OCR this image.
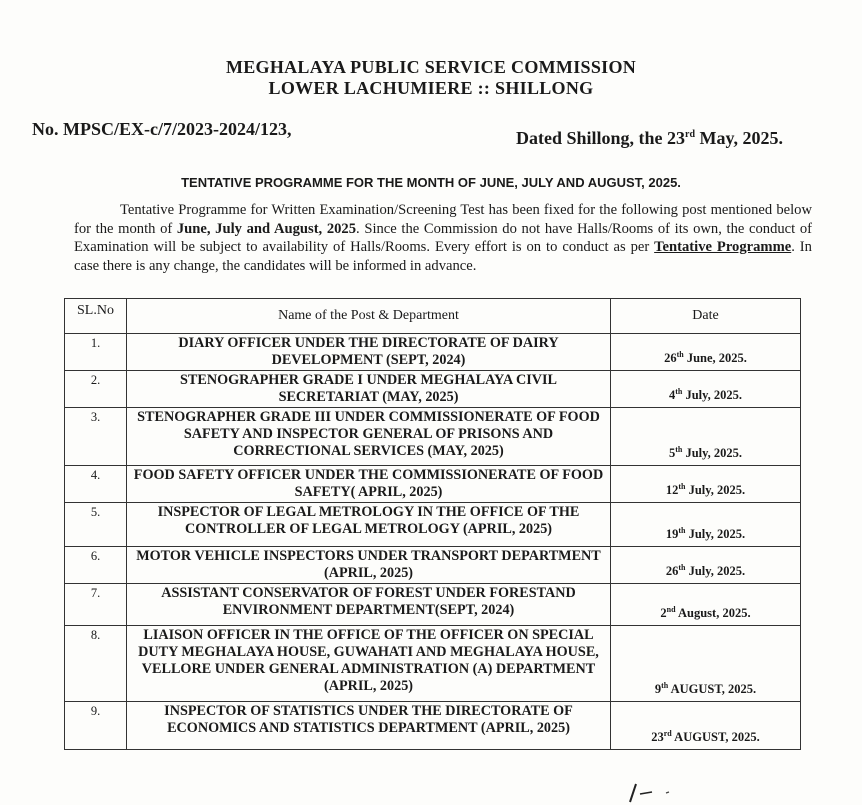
MEGHALAYA PUBLIC SERVICE COMMISSION
LOWER LACHUMIERE :: SHILLONG
No. MPSC/EX-c/7/2023-2024/123,	Dated Shillong, the 23rd May, 2025.
TENTATIVE PROGRAMME FOR THE MONTH OF JUNE, JULY AND AUGUST, 2025.
Tentative Programme for Written Examination/Screening Test has been fixed for the following post mentioned below for the month of June, July and August, 2025. Since the Commission do not have Halls/Rooms of its own, the conduct of Examination will be subject to availability of Halls/Rooms. Every effort is on to conduct as per Tentative Programme. In case there is any change, the candidates will be informed in advance.
SL.No	Name of the Post & Department	Date
1.	DIARY OFFICER UNDER THE DIRECTORATE OF DAIRY DEVELOPMENT (SEPT, 2024)	26th June, 2025.
2.	STENOGRAPHER GRADE I UNDER MEGHALAYA CIVIL SECRETARIAT (MAY, 2025)	4th July, 2025.
3.	STENOGRAPHER GRADE III UNDER COMMISSIONERATE OF FOOD SAFETY AND INSPECTOR GENERAL OF PRISONS AND CORRECTIONAL SERVICES (MAY, 2025)	5th July, 2025.
4.	FOOD SAFETY OFFICER UNDER THE COMMISSIONERATE OF FOOD SAFETY( APRIL, 2025)	12th July, 2025.
5.	INSPECTOR OF LEGAL METROLOGY IN THE OFFICE OF THE CONTROLLER OF LEGAL METROLOGY (APRIL, 2025)	19th July, 2025.
6.	MOTOR VEHICLE INSPECTORS UNDER TRANSPORT DEPARTMENT (APRIL, 2025)	26th July, 2025.
7.	ASSISTANT CONSERVATOR OF FOREST UNDER FORESTAND ENVIRONMENT DEPARTMENT(SEPT, 2024)	2nd August, 2025.
8.	LIAISON OFFICER IN THE OFFICE OF THE OFFICER ON SPECIAL DUTY MEGHALAYA HOUSE, GUWAHATI AND MEGHALAYA HOUSE, VELLORE UNDER GENERAL ADMINISTRATION (A) DEPARTMENT (APRIL, 2025)	9th AUGUST, 2025.
9.	INSPECTOR OF STATISTICS UNDER THE DIRECTORATE OF ECONOMICS AND STATISTICS DEPARTMENT (APRIL, 2025)	23rd AUGUST, 2025.
